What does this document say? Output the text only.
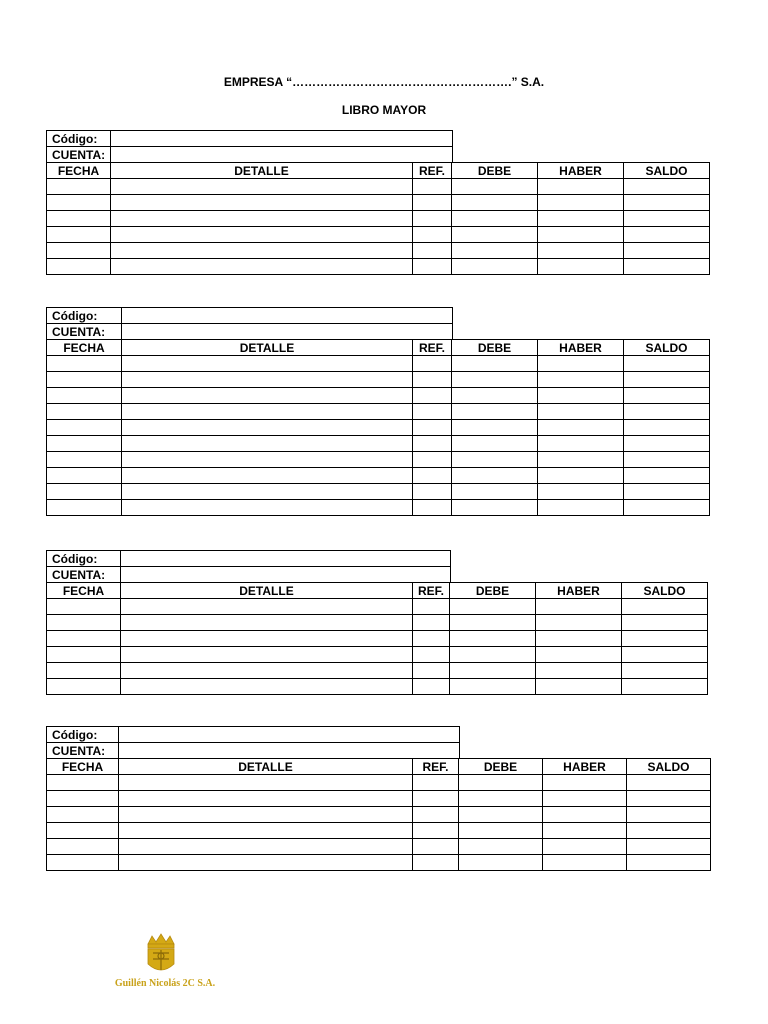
EMPRESA “……………………………………………….” S.A.
LIBRO MAYOR
Código:	
CUENTA:	
FECHA	DETALLE	REF.	DEBE	HABER	SALDO

Código:	
CUENTA:	
FECHA	DETALLE	REF.	DEBE	HABER	SALDO

Código:	
CUENTA:	
FECHA	DETALLE	REF.	DEBE	HABER	SALDO

Código:	
CUENTA:	
FECHA	DETALLE	REF.	DEBE	HABER	SALDO

Guillén Nicolás 2C S.A.
